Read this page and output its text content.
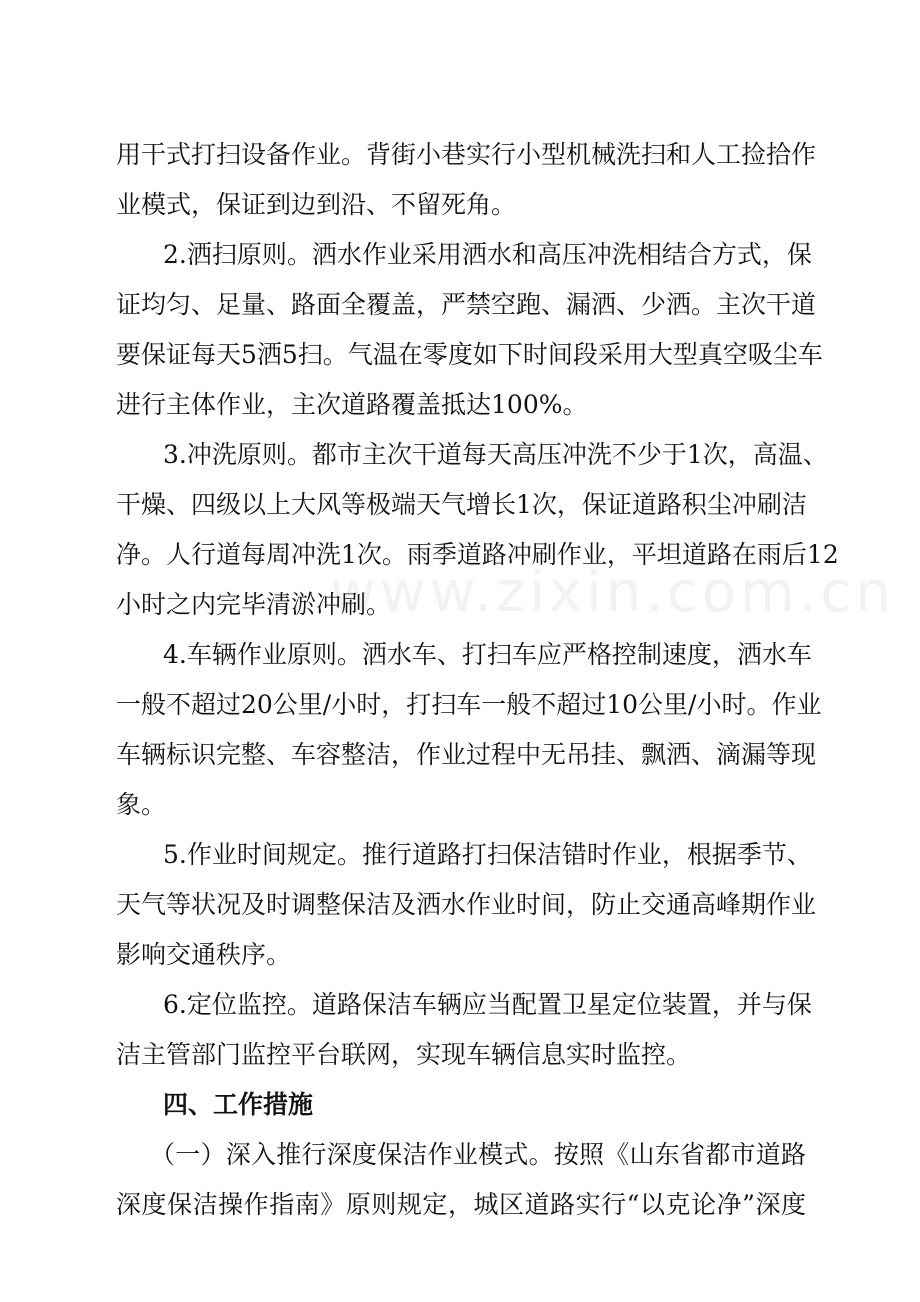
www.zixin.com.cn
用干式打扫设备作业。背街小巷实行小型机械洗扫和人工捡拾作
业模式，保证到边到沿、不留死角。
2.洒扫原则。洒水作业采用洒水和高压冲洗相结合方式，保
证均匀、足量、路面全覆盖，严禁空跑、漏洒、少洒。主次干道
要保证每天5洒5扫。气温在零度如下时间段采用大型真空吸尘车
进行主体作业，主次道路覆盖抵达100%。
3.冲洗原则。都市主次干道每天高压冲洗不少于1次，高温、
干燥、四级以上大风等极端天气增长1次，保证道路积尘冲刷洁
净。人行道每周冲洗1次。雨季道路冲刷作业，平坦道路在雨后12
小时之内完毕清淤冲刷。
4.车辆作业原则。洒水车、打扫车应严格控制速度，洒水车
一般不超过20公里/小时，打扫车一般不超过10公里/小时。作业
车辆标识完整、车容整洁，作业过程中无吊挂、飘洒、滴漏等现
象。
5.作业时间规定。推行道路打扫保洁错时作业，根据季节、
天气等状况及时调整保洁及洒水作业时间，防止交通高峰期作业
影响交通秩序。
6.定位监控。道路保洁车辆应当配置卫星定位装置，并与保
洁主管部门监控平台联网，实现车辆信息实时监控。
四、工作措施
（一）深入推行深度保洁作业模式。按照《山东省都市道路
深度保洁操作指南》原则规定，城区道路实行“以克论净”深度
